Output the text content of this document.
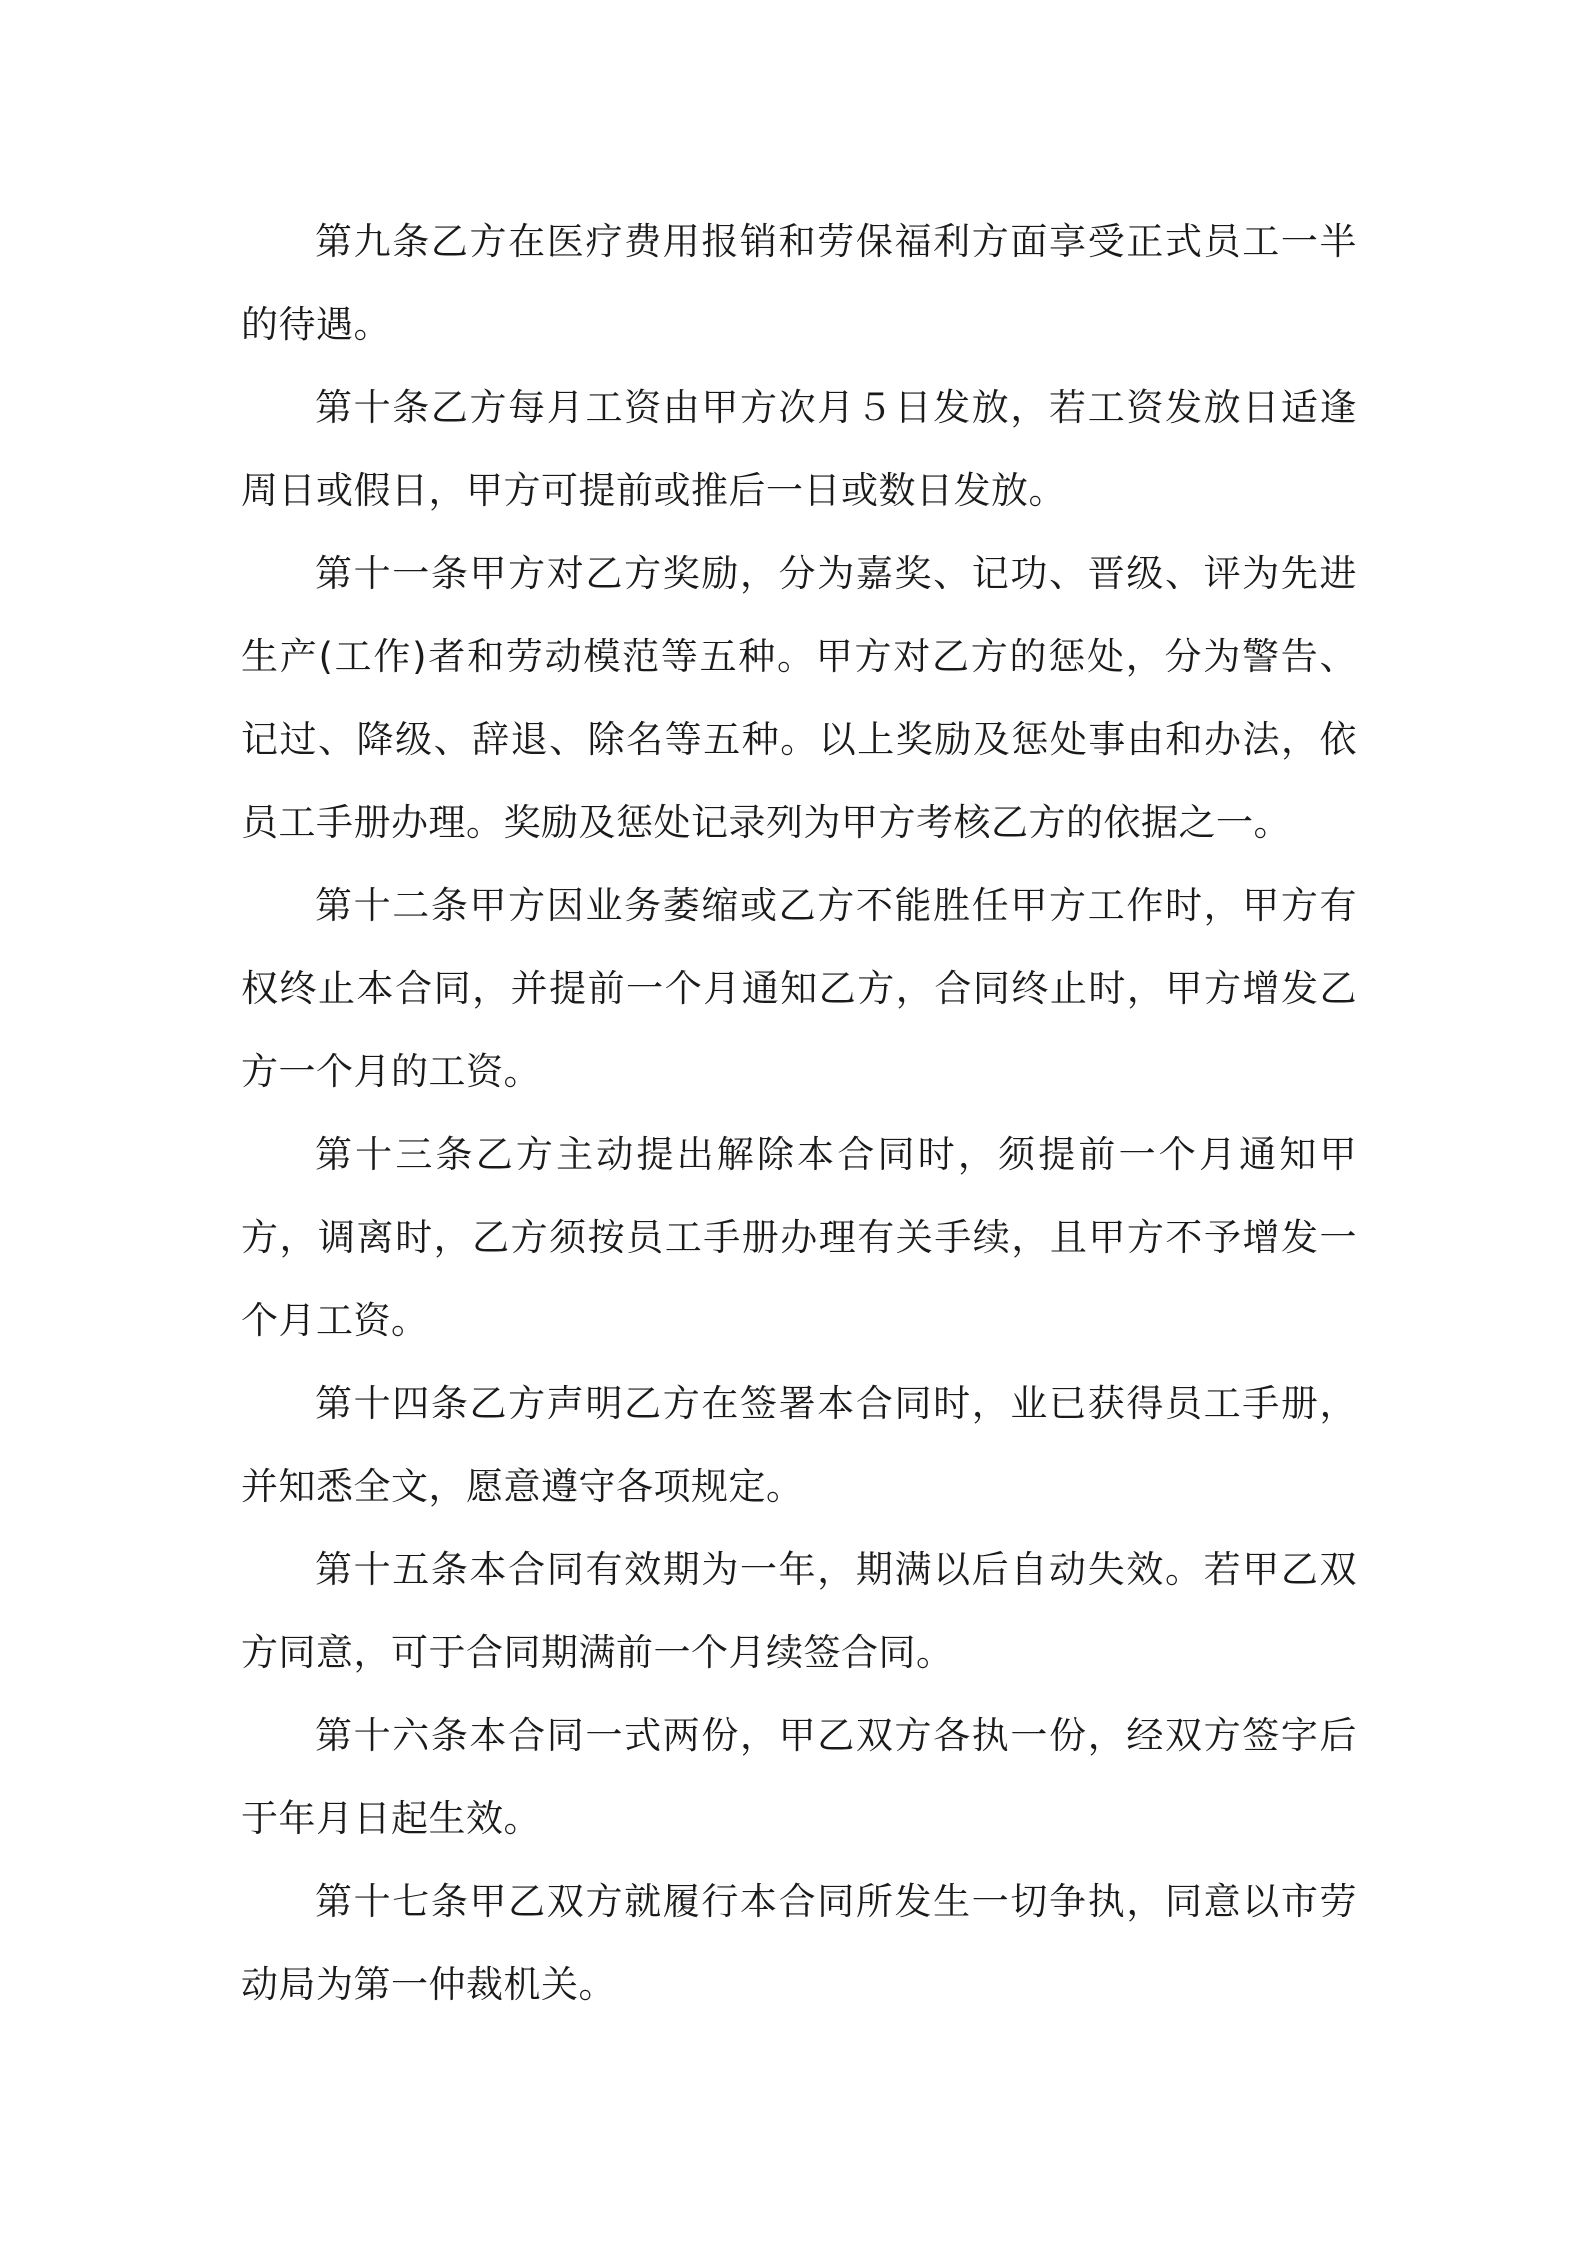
第九条乙方在医疗费用报销和劳保福利方面享受正式员工一半的待遇。

第十条乙方每月工资由甲方次月５日发放，若工资发放日适逢周日或假日，甲方可提前或推后一日或数日发放。

第十一条甲方对乙方奖励，分为嘉奖、记功、晋级、评为先进生产(工作)者和劳动模范等五种。甲方对乙方的惩处，分为警告、记过、降级、辞退、除名等五种。以上奖励及惩处事由和办法，依员工手册办理。奖励及惩处记录列为甲方考核乙方的依据之一。

第十二条甲方因业务萎缩或乙方不能胜任甲方工作时，甲方有权终止本合同，并提前一个月通知乙方，合同终止时，甲方增发乙方一个月的工资。

第十三条乙方主动提出解除本合同时，须提前一个月通知甲方，调离时，乙方须按员工手册办理有关手续，且甲方不予增发一个月工资。

第十四条乙方声明乙方在签署本合同时，业已获得员工手册，并知悉全文，愿意遵守各项规定。

第十五条本合同有效期为一年，期满以后自动失效。若甲乙双方同意，可于合同期满前一个月续签合同。

第十六条本合同一式两份，甲乙双方各执一份，经双方签字后于年月日起生效。

第十七条甲乙双方就履行本合同所发生一切争执，同意以市劳动局为第一仲裁机关。
